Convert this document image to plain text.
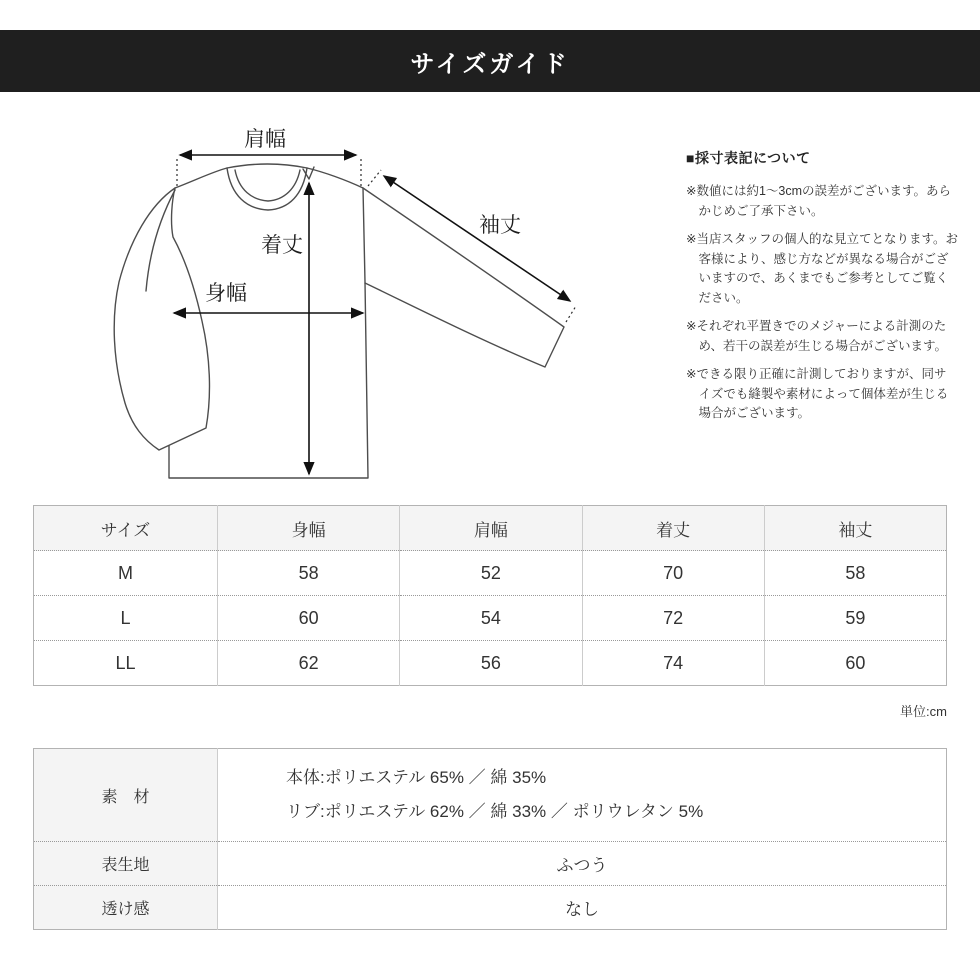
サイズガイド
肩幅
袖丈
着丈
身幅
■採寸表記について

※数値には約1〜3cmの誤差がございます。あらかじめご了承下さい。

※当店スタッフの個人的な見立てとなります。お客様により、感じ方などが異なる場合がございますので、あくまでもご参考としてご覧ください。

※それぞれ平置きでのメジャーによる計測のため、若干の誤差が生じる場合がございます。

※できる限り正確に計測しておりますが、同サイズでも縫製や素材によって個体差が生じる場合がございます。

サイズ	身幅	肩幅	着丈	袖丈
M	58	52	70	58
L	60	54	72	59
LL	62	56	74	60
単位:cm
素　材	本体:ポリエステル 65% ／ 綿 35%
リブ:ポリエステル 62% ／ 綿 33% ／ ポリウレタン 5%

表生地	ふつう
透け感	なし
